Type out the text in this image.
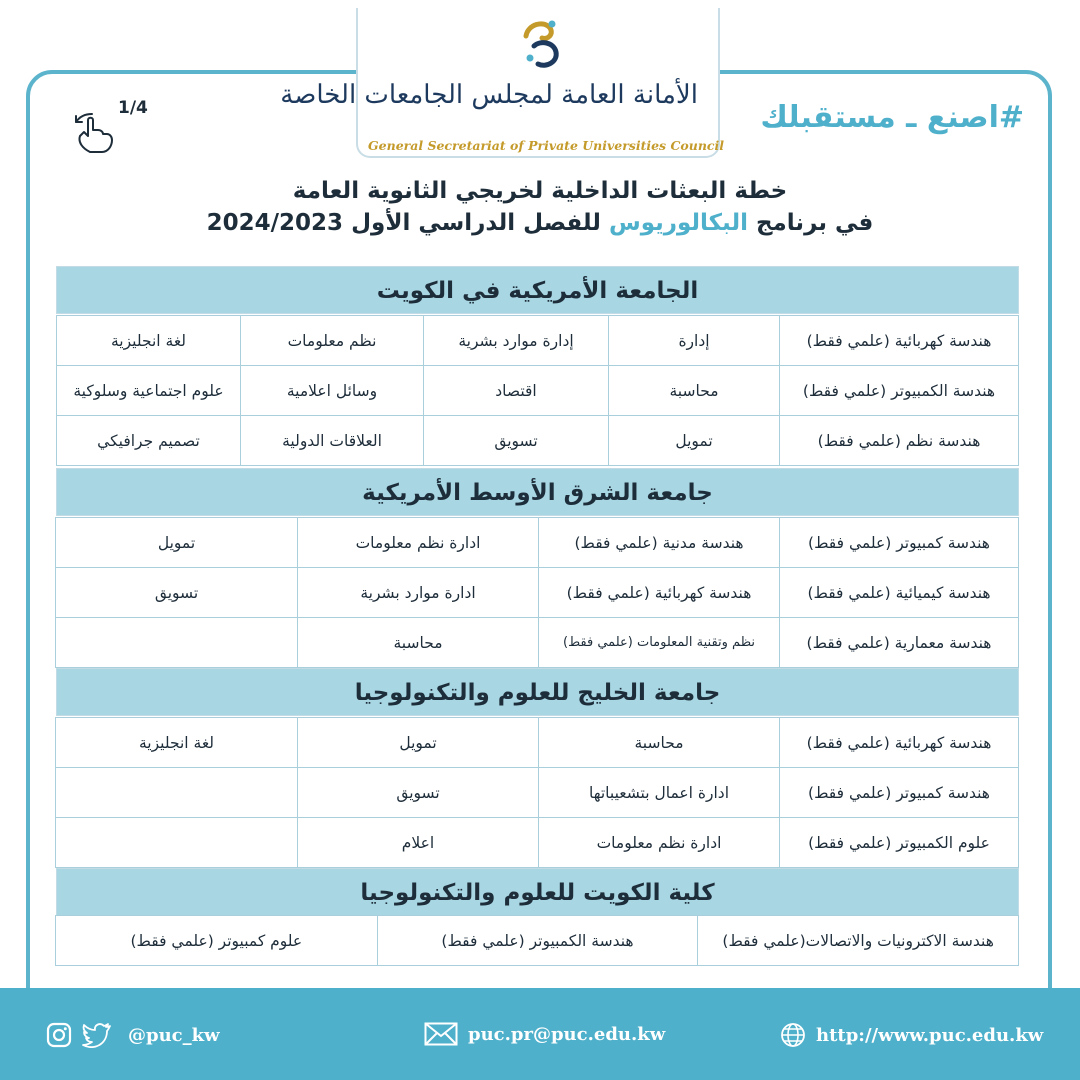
الأمانة العامة لمجلس الجامعات الخاصة
General Secretariat of Private Universities Council
#اصنع ـ مستقبلك
1/4
خطة البعثات الداخلية لخريجي الثانوية العامة
في برنامج البكالوريوس للفصل الدراسي الأول 2024/2023
الجامعة الأمريكية في الكويت
هندسة كهربائية (علمي فقط)
إدارة
إدارة موارد بشرية
نظم معلومات
لغة انجليزية
هندسة الكمبيوتر (علمي فقط)
محاسبة
اقتصاد
وسائل اعلامية
علوم اجتماعية وسلوكية
هندسة نظم (علمي فقط)
تمويل
تسويق
العلاقات الدولية
تصميم جرافيكي
جامعة الشرق الأوسط الأمريكية
هندسة كمبيوتر (علمي فقط)
هندسة مدنية (علمي فقط)
ادارة نظم معلومات
تمويل
هندسة كيميائية (علمي فقط)
هندسة كهربائية (علمي فقط)
ادارة موارد بشرية
تسويق
هندسة معمارية (علمي فقط)
نظم وتقنية المعلومات (علمي فقط)
محاسبة
جامعة الخليج للعلوم والتكنولوجيا
هندسة كهربائية (علمي فقط)
محاسبة
تمويل
لغة انجليزية
هندسة كمبيوتر (علمي فقط)
ادارة اعمال بتشعيباتها
تسويق
علوم الكمبيوتر (علمي فقط)
ادارة نظم معلومات
اعلام
كلية الكويت للعلوم والتكنولوجيا
هندسة الاكترونيات والاتصالات(علمي فقط)
هندسة الكمبيوتر (علمي فقط)
علوم كمبيوتر (علمي فقط)
@puc_kw	puc.pr@puc.edu.kw	http://www.puc.edu.kw
